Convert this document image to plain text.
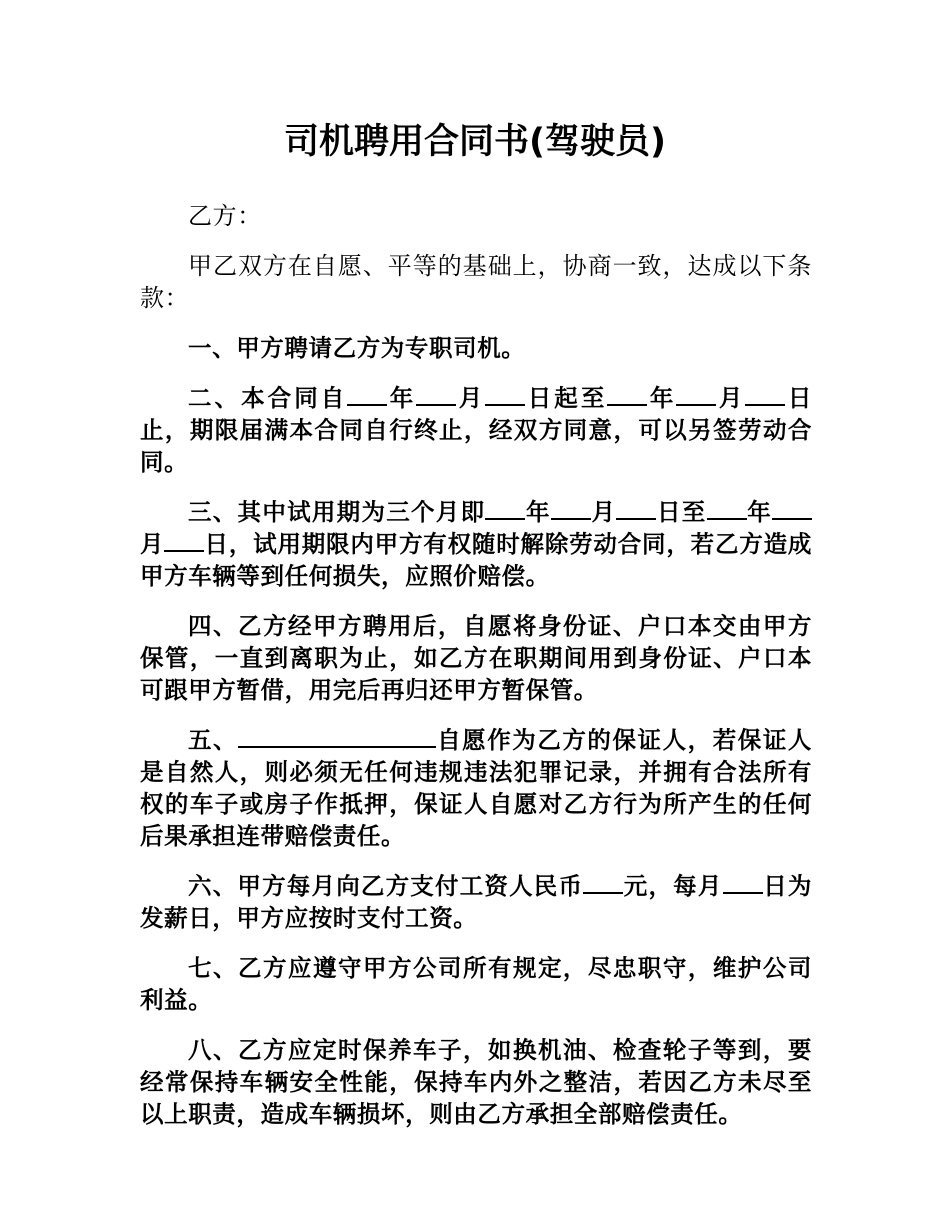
司机聘用合同书(驾驶员)

乙方：

甲乙双方在自愿、平等的基础上，协商一致，达成以下条款：

一、甲方聘请乙方为专职司机。

二、本合同自 年 月 日起至 年 月 日止，期限届满本合同自行终止，经双方同意，可以另签劳动合同。

三、其中试用期为三个月即 年 月 日至 年月 日，试用期限内甲方有权随时解除劳动合同，若乙方造成甲方车辆等到任何损失，应照价赔偿。

四、乙方经甲方聘用后，自愿将身份证、户口本交由甲方保管，一直到离职为止，如乙方在职期间用到身份证、户口本可跟甲方暂借，用完后再归还甲方暂保管。

五、	自愿作为乙方的保证人，若保证人是自然人，则必须无任何违规违法犯罪记录，并拥有合法所有权的车子或房子作抵押，保证人自愿对乙方行为所产生的任何后果承担连带赔偿责任。

六、甲方每月向乙方支付工资人民币 元，每月 日为发薪日，甲方应按时支付工资。

七、乙方应遵守甲方公司所有规定，尽忠职守，维护公司利益。

八、乙方应定时保养车子，如换机油、检查轮子等到，要经常保持车辆安全性能，保持车内外之整洁，若因乙方未尽至以上职责，造成车辆损坏，则由乙方承担全部赔偿责任。
